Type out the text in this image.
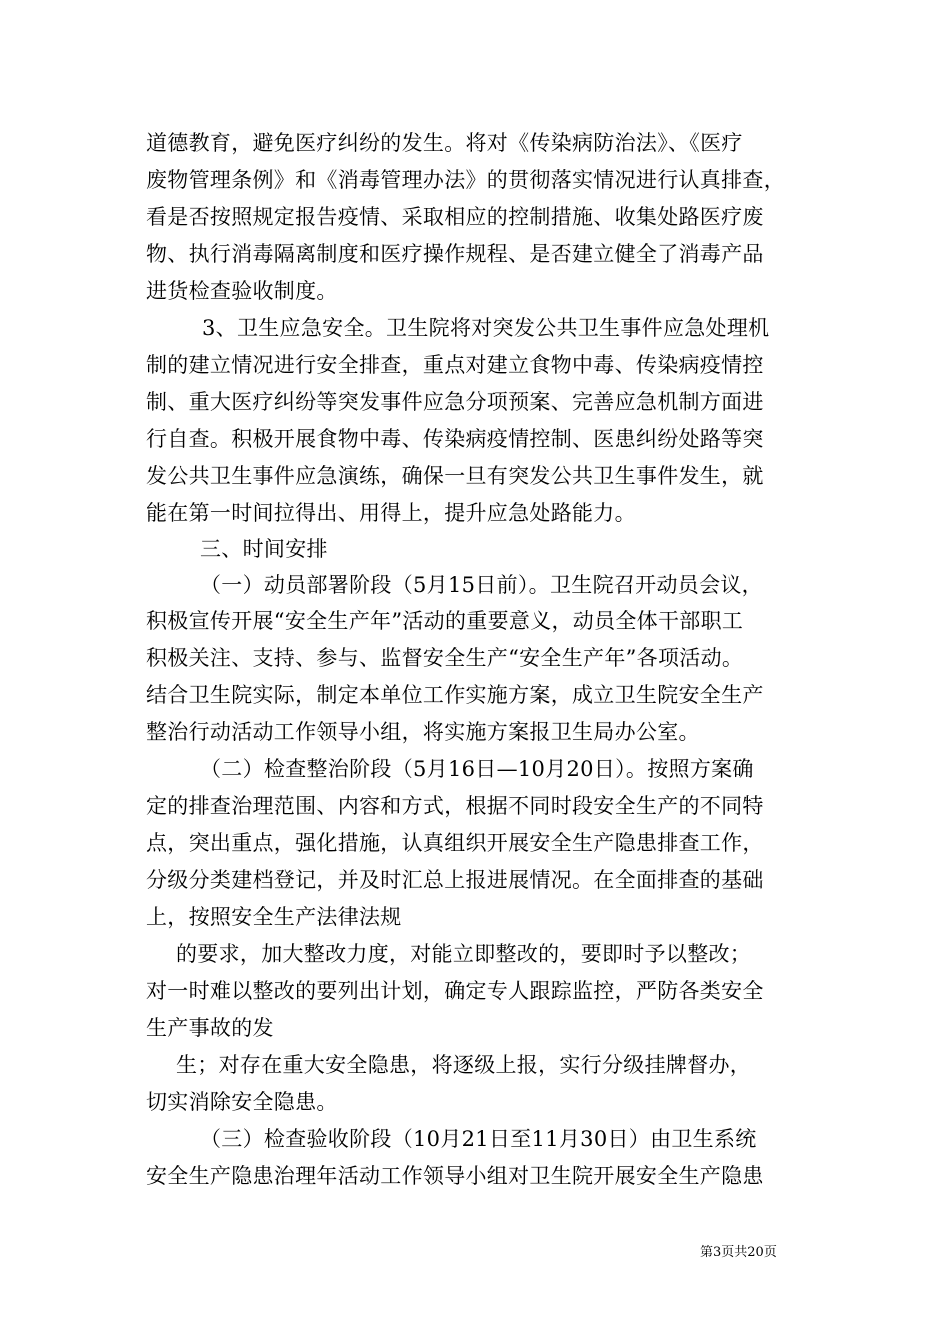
道德教育，避免医疗纠纷的发生。将对《传染病防治法》、《医疗
废物管理条例》和《消毒管理办法》的贯彻落实情况进行认真排查，
看是否按照规定报告疫情、采取相应的控制措施、收集处路医疗废
物、执行消毒隔离制度和医疗操作规程、是否建立健全了消毒产品
进货检查验收制度。
3、卫生应急安全。卫生院将对突发公共卫生事件应急处理机
制的建立情况进行安全排查，重点对建立食物中毒、传染病疫情控
制、重大医疗纠纷等突发事件应急分项预案、完善应急机制方面进
行自查。积极开展食物中毒、传染病疫情控制、医患纠纷处路等突
发公共卫生事件应急演练，确保一旦有突发公共卫生事件发生，就
能在第一时间拉得出、用得上，提升应急处路能力。
三、时间安排
（一）动员部署阶段（5月15日前）。卫生院召开动员会议，
积极宣传开展“安全生产年”活动的重要意义，动员全体干部职工
积极关注、支持、参与、监督安全生产“安全生产年”各项活动。
结合卫生院实际，制定本单位工作实施方案，成立卫生院安全生产
整治行动活动工作领导小组，将实施方案报卫生局办公室。
（二）检查整治阶段（5月16日—10月20日）。按照方案确
定的排查治理范围、内容和方式，根据不同时段安全生产的不同特
点，突出重点，强化措施，认真组织开展安全生产隐患排查工作，
分级分类建档登记，并及时汇总上报进展情况。在全面排查的基础
上，按照安全生产法律法规
的要求，加大整改力度，对能立即整改的，要即时予以整改；
对一时难以整改的要列出计划，确定专人跟踪监控，严防各类安全
生产事故的发
生；对存在重大安全隐患，将逐级上报，实行分级挂牌督办，
切实消除安全隐患。
（三）检查验收阶段（10月21日至11月30日）由卫生系统
安全生产隐患治理年活动工作领导小组对卫生院开展安全生产隐患
第3页共20页
